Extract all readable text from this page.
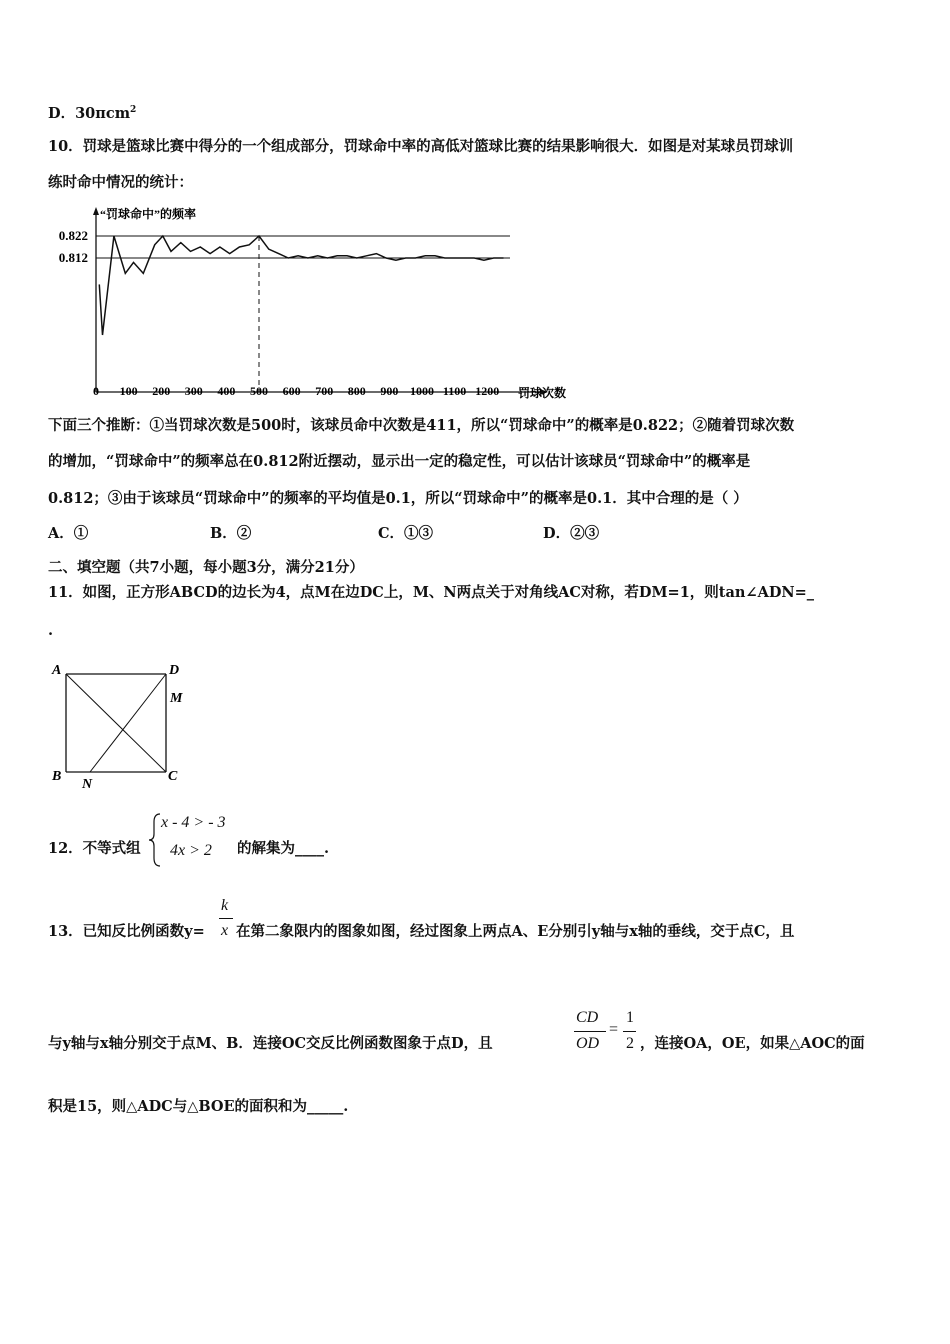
D．30πcm$^2$
10．罚球是篮球比赛中得分的一个组成部分，罚球命中率的高低对篮球比赛的结果影响很大．如图是对某球员罚球训
练时命中情况的统计：
0.822
0.812
“罚球命中”的频率
罚球次数
0 100 200 300 400 500 600 700 800 900 1000 1100 1200
下面三个推断：①当罚球次数是500时，该球员命中次数是411，所以“罚球命中”的概率是0.822；②随着罚球次数
的增加，“罚球命中”的频率总在0.812附近摆动，显示出一定的稳定性，可以估计该球员“罚球命中”的概率是
0.812；③由于该球员“罚球命中”的频率的平均值是0.1，所以“罚球命中”的概率是0.1．其中合理的是（ ）
A．①	B．②	C．①③	D．②③
二、填空题（共7小题，每小题3分，满分21分）
11．如图，正方形ABCD的边长为4，点M在边DC上，M、N两点关于对角线AC对称，若DM=1，则tan∠ADN=_
.
A	D
M
B
N
C
12．不等式组
x - 4 > - 3
4x > 2 的解集为____.
13．已知反比例函数y=
k
x 在第二象限内的图象如图，经过图象上两点A、E分别引y轴与x轴的垂线，交于点C，且
与y轴与x轴分别交于点M、B．连接OC交反比例函数图象于点D，且
CD
OD
=
1
2 ，连接OA，OE，如果△AOC的面
积是15，则△ADC与△BOE的面积和为_____.
